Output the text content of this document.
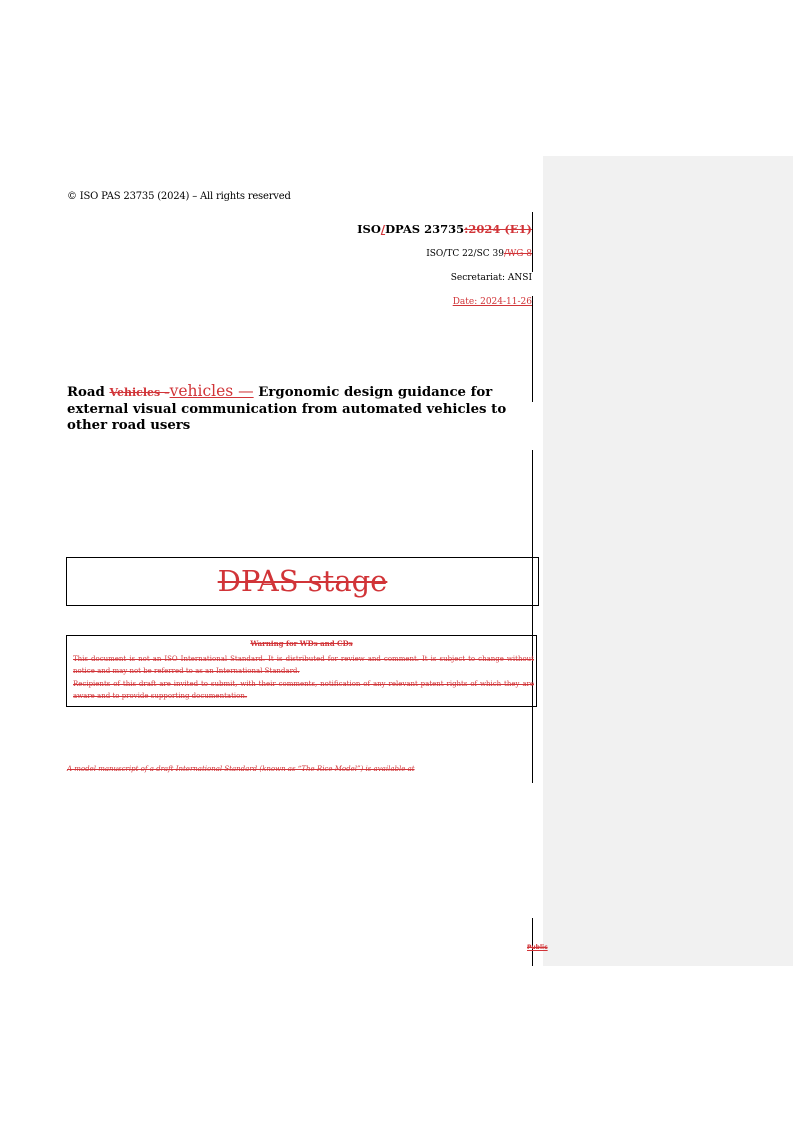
© ISO PAS 23735 (2024) – All rights reserved
ISO/DPAS 23735:2024 (E1)
ISO/TC 22/SC 39/WG 8
Secretariat: ANSI
Date: 2024-11-26
Road Vehicles –vehicles — Ergonomic design guidance for external visual communication from automated vehicles to other road users
DPAS stage
Warning for WDs and CDs
This document is not an ISO International Standard. It is distributed for review and comment. It is subject to change without notice and may not be referred to as an International Standard.
Recipients of this draft are invited to submit, with their comments, notification of any relevant patent rights of which they are aware and to provide supporting documentation.
A model manuscript of a draft International Standard (known as “The Rice Model”) is available at
Public
